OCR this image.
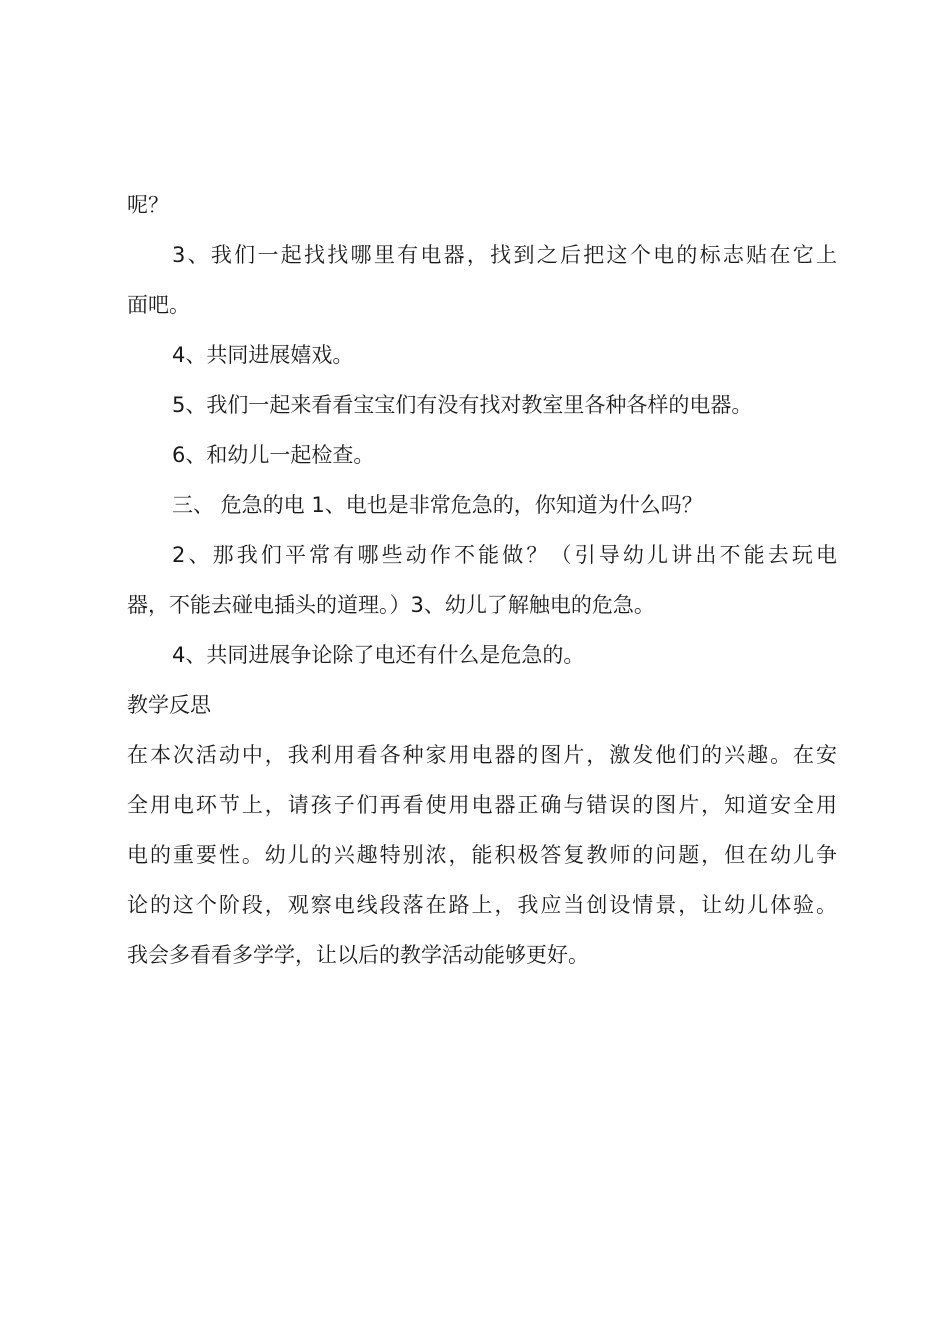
呢？
3、我们一起找找哪里有电器，找到之后把这个电的标志贴在它上
面吧。
4、共同进展嬉戏。
5、我们一起来看看宝宝们有没有找对教室里各种各样的电器。
6、和幼儿一起检查。
三、 危急的电 1、电也是非常危急的，你知道为什么吗？
2、那我们平常有哪些动作不能做？（引导幼儿讲出不能去玩电
器，不能去碰电插头的道理。）3、幼儿了解触电的危急。
4、共同进展争论除了电还有什么是危急的。
教学反思
在本次活动中，我利用看各种家用电器的图片，激发他们的兴趣。在安
全用电环节上，请孩子们再看使用电器正确与错误的图片，知道安全用
电的重要性。幼儿的兴趣特别浓，能积极答复教师的问题，但在幼儿争
论的这个阶段，观察电线段落在路上，我应当创设情景，让幼儿体验。
我会多看看多学学，让以后的教学活动能够更好。
